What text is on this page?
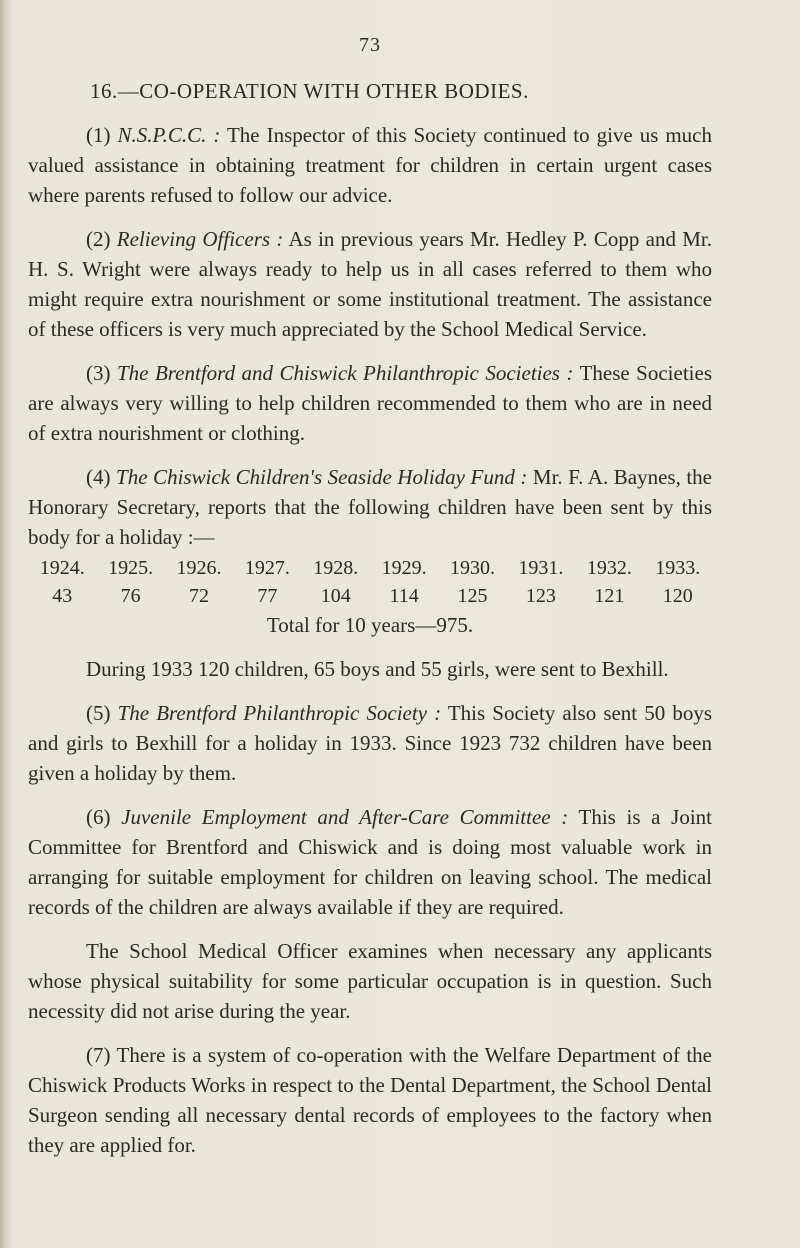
73
16.—CO-OPERATION WITH OTHER BODIES.

(1) N.S.P.C.C. : The Inspector of this Society continued to give us much valued assistance in obtaining treatment for children in certain urgent cases where parents refused to follow our advice.

(2) Relieving Officers : As in previous years Mr. Hedley P. Copp and Mr. H. S. Wright were always ready to help us in all cases referred to them who might require extra nourishment or some institutional treatment. The assistance of these officers is very much appreciated by the School Medical Service.

(3) The Brentford and Chiswick Philanthropic Societies : These Societies are always very willing to help children recommended to them who are in need of extra nourishment or clothing.

(4) The Chiswick Children's Seaside Holiday Fund : Mr. F. A. Baynes, the Honorary Secretary, reports that the following children have been sent by this body for a holiday :—

1924.	1925.	1926.	1927.	1928.	1929.	1930.	1931.	1932.	1933.
43	76	72	77	104	114	125	123	121	120
Total for 10 years—975.

During 1933 120 children, 65 boys and 55 girls, were sent to Bexhill.

(5) The Brentford Philanthropic Society : This Society also sent 50 boys and girls to Bexhill for a holiday in 1933. Since 1923 732 children have been given a holiday by them.

(6) Juvenile Employment and After-Care Committee : This is a Joint Committee for Brentford and Chiswick and is doing most valuable work in arranging for suitable employment for children on leaving school. The medical records of the children are always available if they are required.

The School Medical Officer examines when necessary any applicants whose physical suitability for some particular occupation is in question. Such necessity did not arise during the year.

(7) There is a system of co-operation with the Welfare Department of the Chiswick Products Works in respect to the Dental Department, the School Dental Surgeon sending all necessary dental records of employees to the factory when they are applied for.
